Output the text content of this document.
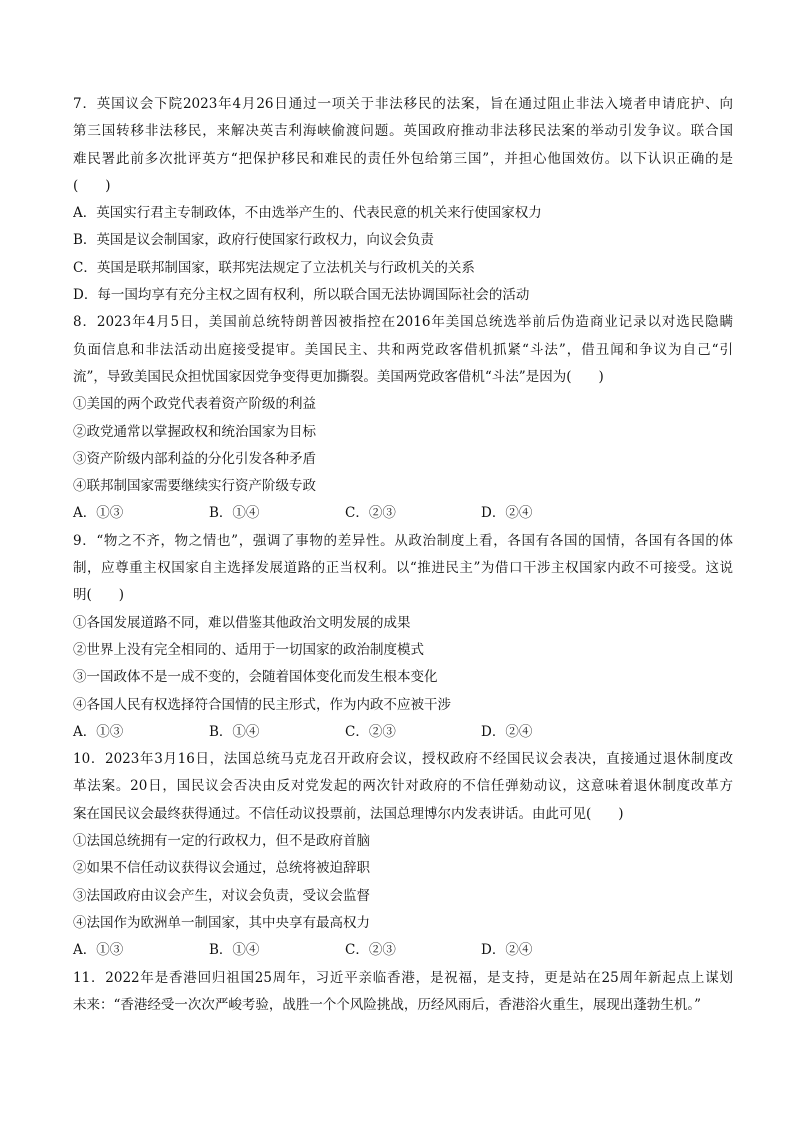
7．英国议会下院2023年4月26日通过一项关于非法移民的法案，旨在通过阻止非法入境者申请庇护、向
第三国转移非法移民，来解决英吉利海峡偷渡问题。英国政府推动非法移民法案的举动引发争议。联合国
难民署此前多次批评英方“把保护移民和难民的责任外包给第三国”，并担心他国效仿。以下认识正确的是
(　　)
A．英国实行君主专制政体，不由选举产生的、代表民意的机关来行使国家权力
B．英国是议会制国家，政府行使国家行政权力，向议会负责
C．英国是联邦制国家，联邦宪法规定了立法机关与行政机关的关系
D．每一国均享有充分主权之固有权利，所以联合国无法协调国际社会的活动
8．2023年4月5日，美国前总统特朗普因被指控在2016年美国总统选举前后伪造商业记录以对选民隐瞒
负面信息和非法活动出庭接受提审。美国民主、共和两党政客借机抓紧“斗法”，借丑闻和争议为自己“引
流”，导致美国民众担忧国家因党争变得更加撕裂。美国两党政客借机“斗法”是因为(　　)
①美国的两个政党代表着资产阶级的利益
②政党通常以掌握政权和统治国家为目标
③资产阶级内部利益的分化引发各种矛盾
④联邦制国家需要继续实行资产阶级专政
A．①③	B．①④	C．②③	D．②④
9．“物之不齐，物之情也”，强调了事物的差异性。从政治制度上看，各国有各国的国情，各国有各国的体
制，应尊重主权国家自主选择发展道路的正当权利。以“推进民主”为借口干涉主权国家内政不可接受。这说
明(　　)
①各国发展道路不同，难以借鉴其他政治文明发展的成果
②世界上没有完全相同的、适用于一切国家的政治制度模式
③一国政体不是一成不变的，会随着国体变化而发生根本变化
④各国人民有权选择符合国情的民主形式，作为内政不应被干涉
A．①③	B．①④	C．②③	D．②④
10．2023年3月16日，法国总统马克龙召开政府会议，授权政府不经国民议会表决，直接通过退休制度改
革法案。20日，国民议会否决由反对党发起的两次针对政府的不信任弹劾动议，这意味着退休制度改革方
案在国民议会最终获得通过。不信任动议投票前，法国总理博尔内发表讲话。由此可见(　　)
①法国总统拥有一定的行政权力，但不是政府首脑
②如果不信任动议获得议会通过，总统将被迫辞职
③法国政府由议会产生，对议会负责，受议会监督
④法国作为欧洲单一制国家，其中央享有最高权力
A．①③	B．①④	C．②③	D．②④
11．2022年是香港回归祖国25周年，习近平亲临香港，是祝福，是支持，更是站在25周年新起点上谋划
未来：“香港经受一次次严峻考验，战胜一个个风险挑战，历经风雨后，香港浴火重生，展现出蓬勃生机。”
